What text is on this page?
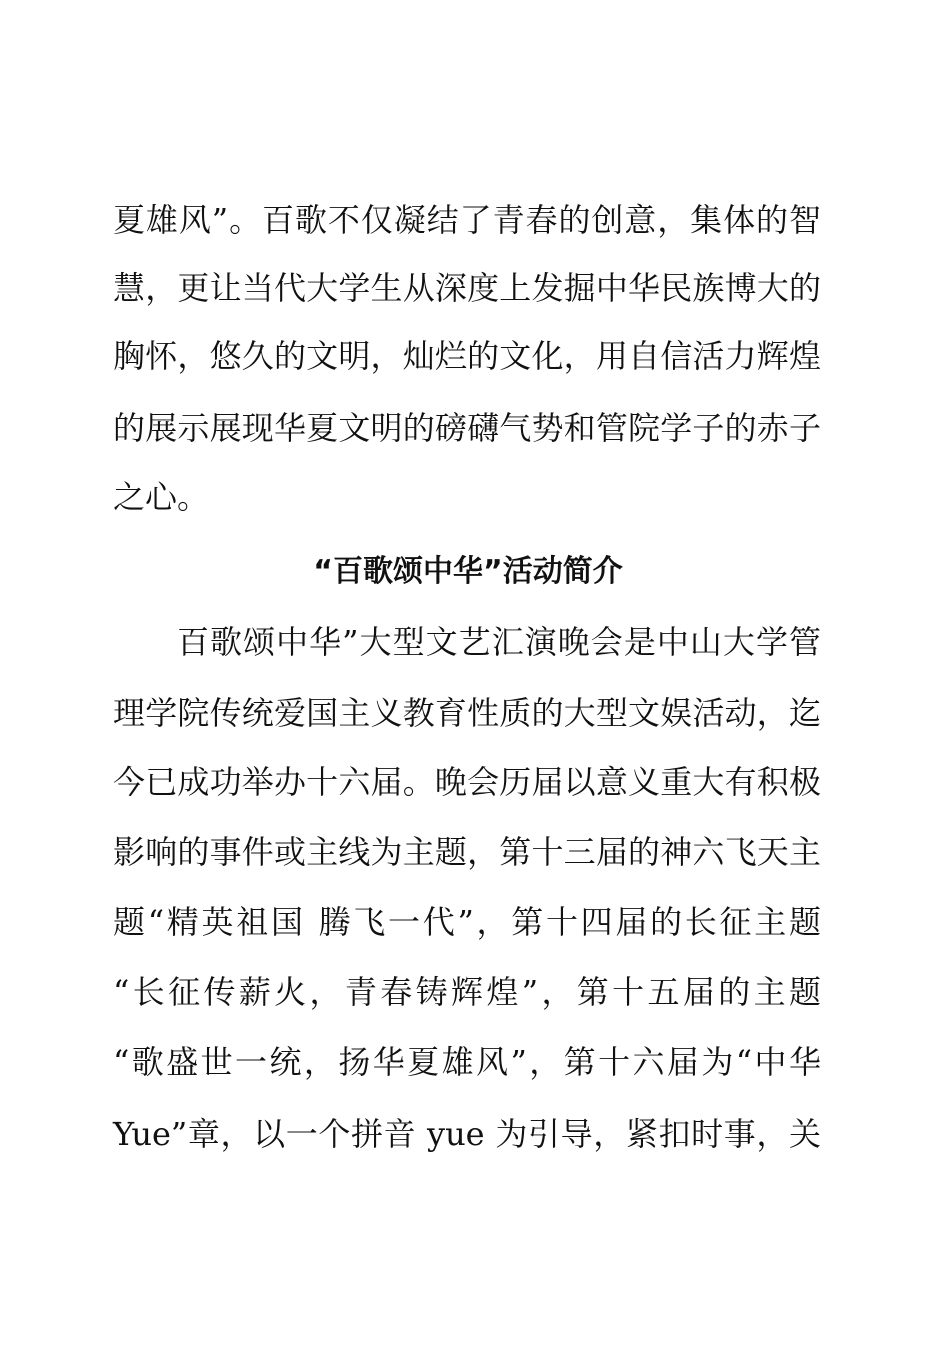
夏雄风”。百歌不仅凝结了青春的创意，集体的智
慧，更让当代大学生从深度上发掘中华民族博大的
胸怀，悠久的文明，灿烂的文化，用自信活力辉煌
的展示展现华夏文明的磅礴气势和管院学子的赤子
之心。
“百歌颂中华”活动简介
百歌颂中华”大型文艺汇演晚会是中山大学管
理学院传统爱国主义教育性质的大型文娱活动，迄
今已成功举办十六届。晚会历届以意义重大有积极
影响的事件或主线为主题，第十三届的神六飞天主
题“精英祖国 腾飞一代”，第十四届的长征主题
“长征传薪火，青春铸辉煌”，第十五届的主题
“歌盛世一统，扬华夏雄风”，第十六届为“中华
Yue”章，以一个拼音 yue 为引导，紧扣时事，关
